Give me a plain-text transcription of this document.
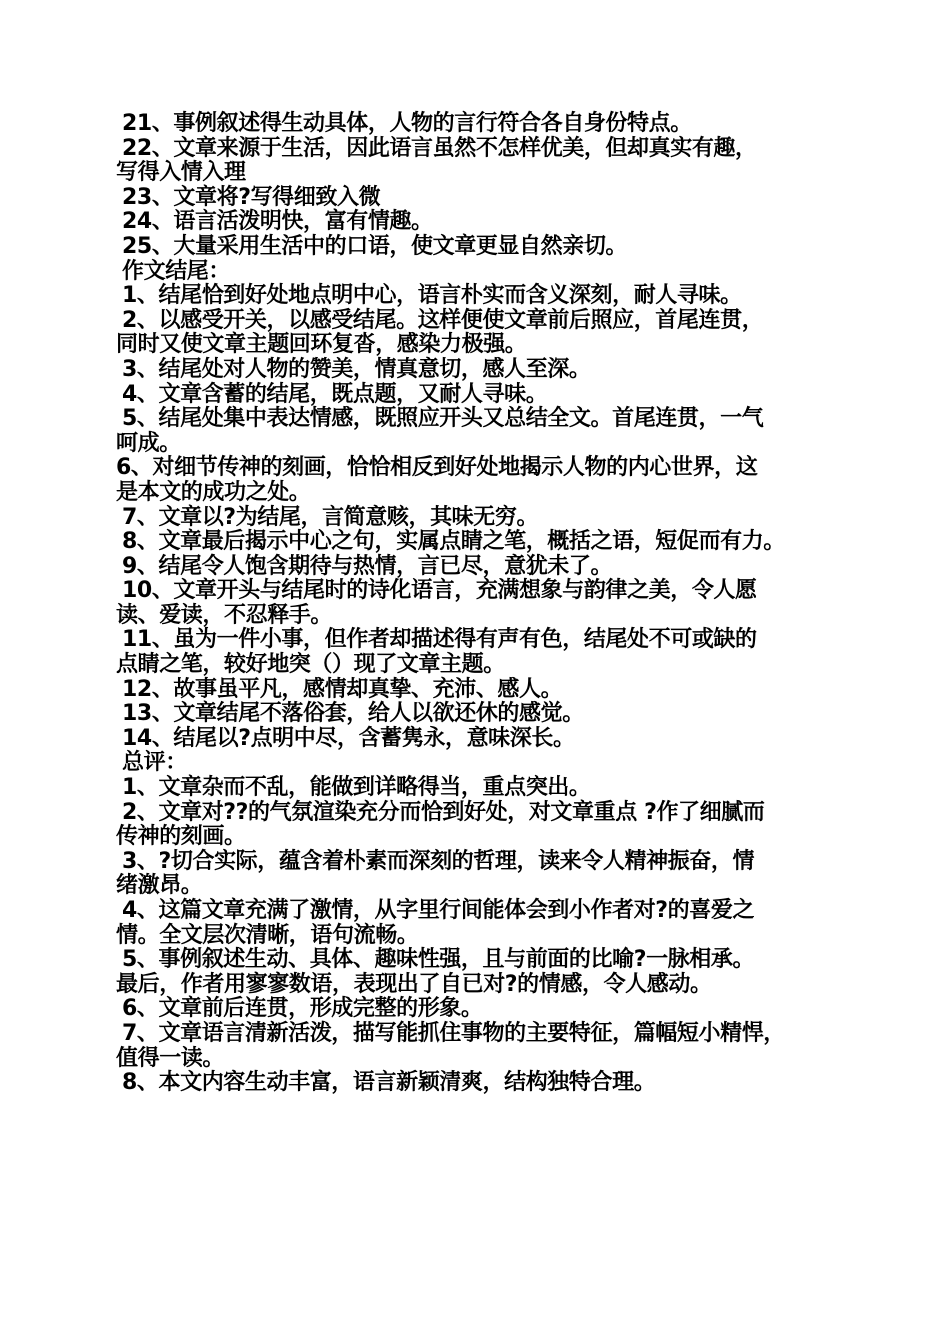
21、事例叙述得生动具体，人物的言行符合各自身份特点。

22、文章来源于生活，因此语言虽然不怎样优美，但却真实有趣，

写得入情入理

23、文章将?写得细致入微

24、语言活泼明快，富有情趣。

25、大量采用生活中的口语，使文章更显自然亲切。

作文结尾：

1、结尾恰到好处地点明中心，语言朴实而含义深刻，耐人寻味。

2、以感受开关，以感受结尾。这样便使文章前后照应，首尾连贯，

同时又使文章主题回环复沓，感染力极强。

3、结尾处对人物的赞美，情真意切，感人至深。

4、文章含蓄的结尾，既点题，又耐人寻味。

5、结尾处集中表达情感，既照应开头又总结全文。首尾连贯，一气

呵成。

6、对细节传神的刻画，恰恰相反到好处地揭示人物的内心世界，这

是本文的成功之处。

7、文章以?为结尾，言简意赅，其味无穷。

8、文章最后揭示中心之句，实属点睛之笔，概括之语，短促而有力。

9、结尾令人饱含期待与热情，言已尽，意犹未了。

10、文章开头与结尾时的诗化语言，充满想象与韵律之美，令人愿

读、爱读，不忍释手。

11、虽为一件小事，但作者却描述得有声有色，结尾处不可或缺的

点睛之笔，较好地突（）现了文章主题。

12、故事虽平凡，感情却真挚、充沛、感人。

13、文章结尾不落俗套，给人以欲还休的感觉。

14、结尾以?点明中尽，含蓄隽永，意味深长。

总评：

1、文章杂而不乱，能做到详略得当，重点突出。

2、文章对??的气氛渲染充分而恰到好处，对文章重点 ?作了细腻而

传神的刻画。

3、?切合实际，蕴含着朴素而深刻的哲理，读来令人精神振奋，情

绪激昂。

4、这篇文章充满了激情，从字里行间能体会到小作者对?的喜爱之

情。全文层次清晰，语句流畅。

5、事例叙述生动、具体、趣味性强，且与前面的比喻?一脉相承。

最后，作者用寥寥数语，表现出了自已对?的情感，令人感动。

6、文章前后连贯，形成完整的形象。

7、文章语言清新活泼，描写能抓住事物的主要特征，篇幅短小精悍，

值得一读。

8、本文内容生动丰富，语言新颖清爽，结构独特合理。
